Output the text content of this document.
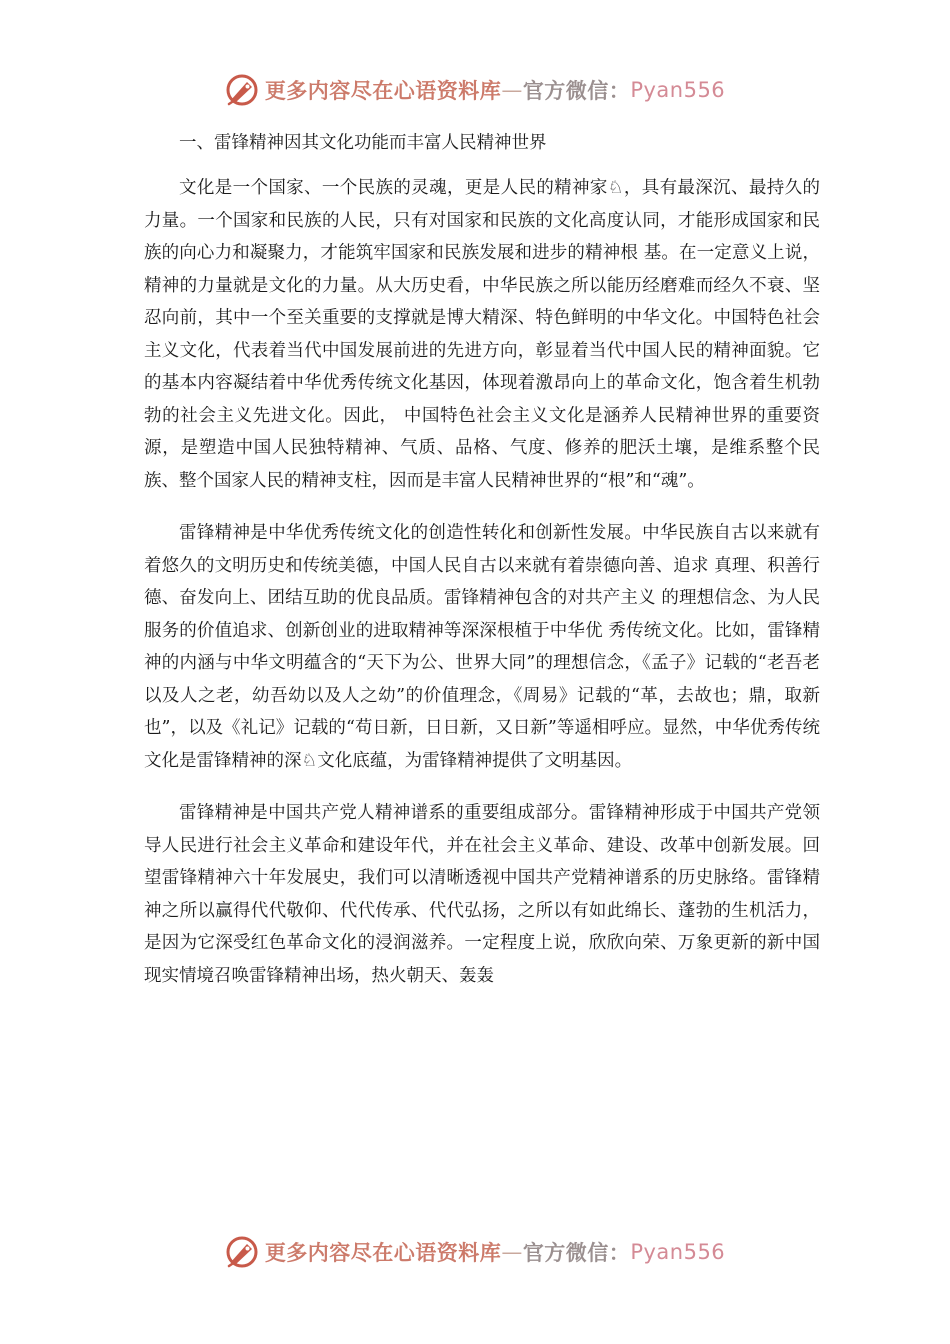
更多内容尽在心语资料库 — 官方微信： Pyan556

一、雷锋精神因其文化功能而丰富人民精神世界

文化是一个国家、一个民族的灵魂，更是人民的精神家♘，具有最深沉、最持久的力量。一个国家和民族的人民，只有对国家和民族的文化高度认同，才能形成国家和民族的向心力和凝聚力，才能筑牢国家和民族发展和进步的精神根 基。在一定意义上说，精神的力量就是文化的力量。从大历史看，中华民族之所以能历经磨难而经久不衰、坚忍向前，其中一个至关重要的支撑就是博大精深、特色鲜明的中华文化。中国特色社会主义文化，代表着当代中国发展前进的先进方向，彰显着当代中国人民的精神面貌。它的基本内容凝结着中华优秀传统文化基因，体现着激昂向上的革命文化，饱含着生机勃勃的社会主义先进文化。因此， 中国特色社会主义文化是涵养人民精神世界的重要资源，是塑造中国人民独特精神、气质、品格、气度、修养的肥沃土壤，是维系整个民族、整个国家人民的精神支柱，因而是丰富人民精神世界的“根”和“魂”。

雷锋精神是中华优秀传统文化的创造性转化和创新性发展。中华民族自古以来就有着悠久的文明历史和传统美德，中国人民自古以来就有着崇德向善、追求 真理、积善行德、奋发向上、团结互助的优良品质。雷锋精神包含的对共产主义 的理想信念、为人民服务的价值追求、创新创业的进取精神等深深根植于中华优 秀传统文化。比如，雷锋精神的内涵与中华文明蕴含的“天下为公、世界大同”的理想信念，《孟子》记载的“老吾老以及人之老，幼吾幼以及人之幼”的价值理念，《周易》记载的“革，去故也；鼎，取新也”，以及《礼记》记载的“苟日新，日日新，又日新”等遥相呼应。显然，中华优秀传统文化是雷锋精神的深♘文化底蕴，为雷锋精神提供了文明基因。

雷锋精神是中国共产党人精神谱系的重要组成部分。雷锋精神形成于中国共产党领导人民进行社会主义革命和建设年代，并在社会主义革命、建设、改革中创新发展。回望雷锋精神六十年发展史，我们可以清晰透视中国共产党精神谱系的历史脉络。雷锋精神之所以赢得代代敬仰、代代传承、代代弘扬，之所以有如此绵长、蓬勃的生机活力，是因为它深受红色革命文化的浸润滋养。一定程度上说，欣欣向荣、万象更新的新中国现实情境召唤雷锋精神出场，热火朝天、轰轰

更多内容尽在心语资料库 — 官方微信： Pyan556
